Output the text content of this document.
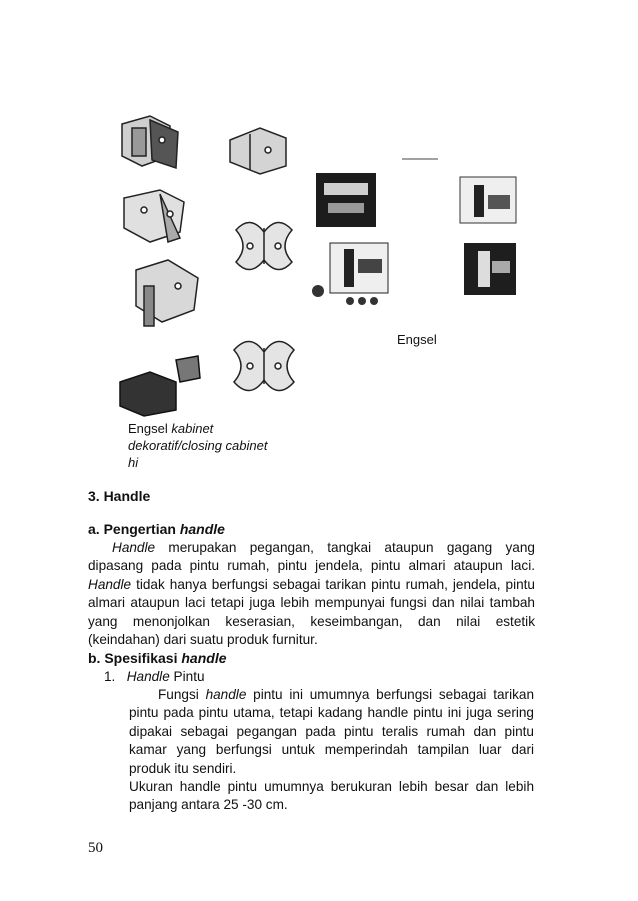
Engsel
Engsel kabinet
dekoratif/closing cabinet
hi
3. Handle
a. Pengertian handle
Handle merupakan pegangan, tangkai ataupun gagang yang
dipasang pada pintu rumah, pintu jendela, pintu almari ataupun laci.
Handle tidak hanya berfungsi sebagai tarikan pintu rumah, jendela, pintu
almari ataupun laci tetapi juga lebih mempunyai fungsi dan nilai tambah
yang menonjolkan keserasian, keseimbangan, dan nilai estetik
(keindahan) dari suatu produk furnitur.
b. Spesifikasi handle
1. Handle Pintu
Fungsi handle pintu ini umumnya berfungsi sebagai tarikan
pintu pada pintu utama, tetapi kadang handle pintu ini juga sering
dipakai sebagai pegangan pada pintu teralis rumah dan pintu
kamar yang berfungsi untuk memperindah tampilan luar dari
produk itu sendiri.
Ukuran handle pintu umumnya berukuran lebih besar dan lebih
panjang antara 25 -30 cm.
50
